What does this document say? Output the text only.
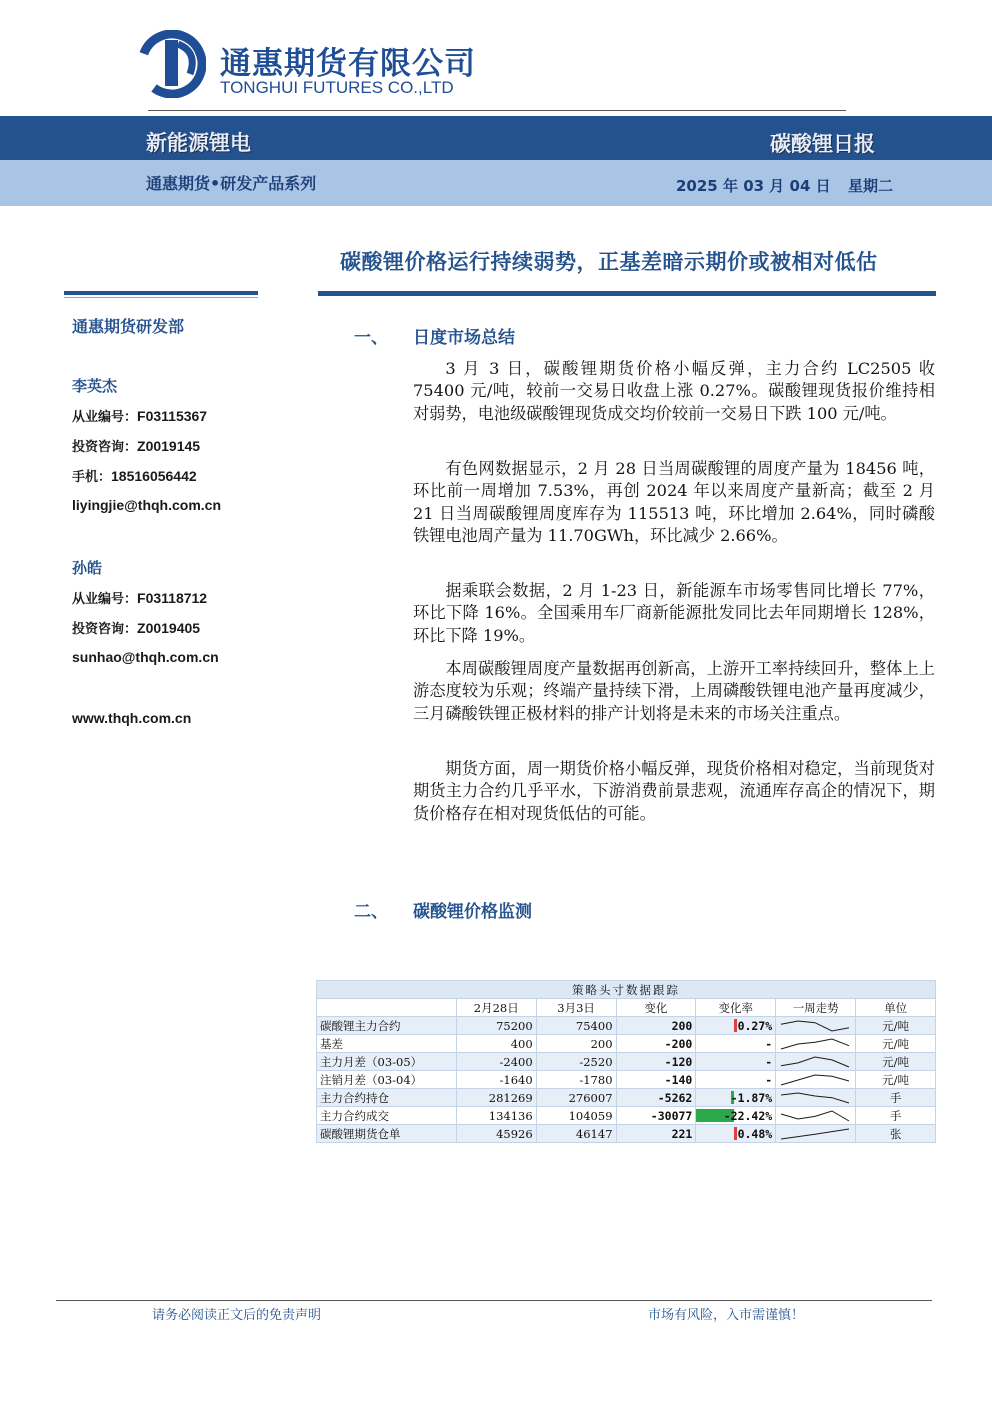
通惠期货有限公司
TONGHUI FUTURES CO.,LTD
新能源锂电	碳酸锂日报
通惠期货•研发产品系列	2025 年 03 月 04 日 星期二
碳酸锂价格运行持续弱势，正基差暗示期价或被相对低估
通惠期货研发部
李英杰
从业编号：F03115367
投资咨询：Z0019145
手机：18516056442
liyingjie@thqh.com.cn
孙皓
从业编号：F03118712
投资咨询：Z0019405
sunhao@thqh.com.cn
www.thqh.com.cn
一、 日度市场总结

3 月 3 日，碳酸锂期货价格小幅反弹，主力合约 LC2505 收 75400 元/吨，较前一交易日收盘上涨 0.27%。碳酸锂现货报价维持相对弱势，电池级碳酸锂现货成交均价较前一交易日下跌 100 元/吨。

有色网数据显示，2 月 28 日当周碳酸锂的周度产量为 18456 吨，环比前一周增加 7.53%，再创 2024 年以来周度产量新高；截至 2 月 21 日当周碳酸锂周度库存为 115513 吨，环比增加 2.64%，同时磷酸铁锂电池周产量为 11.70GWh，环比减少 2.66%。

据乘联会数据，2 月 1-23 日，新能源车市场零售同比增长 77%，环比下降 16%。全国乘用车厂商新能源批发同比去年同期增长 128%，环比下降 19%。

本周碳酸锂周度产量数据再创新高，上游开工率持续回升，整体上上游态度较为乐观；终端产量持续下滑，上周磷酸铁锂电池产量再度减少，三月磷酸铁锂正极材料的排产计划将是未来的市场关注重点。

期货方面，周一期货价格小幅反弹，现货价格相对稳定，当前现货对期货主力合约几乎平水，下游消费前景悲观，流通库存高企的情况下，期货价格存在相对现货低估的可能。

二、 碳酸锂价格监测
策略头寸数据跟踪						
	2月28日	3月3日	变化	变化率	一周走势	单位
碳酸锂主力合约	75200	75400	200	0.27%		元/吨
基差	400	200	-200	-		元/吨
主力月差（03-05）	-2400	-2520	-120	-		元/吨
注销月差（03-04）	-1640	-1780	-140	-		元/吨
主力合约持仓	281269	276007	-5262	-1.87%		手
主力合约成交	134136	104059	-30077	-22.42%		手
碳酸锂期货仓单	45926	46147	221	0.48%		张
请务必阅读正文后的免责声明	市场有风险，入市需谨慎！
